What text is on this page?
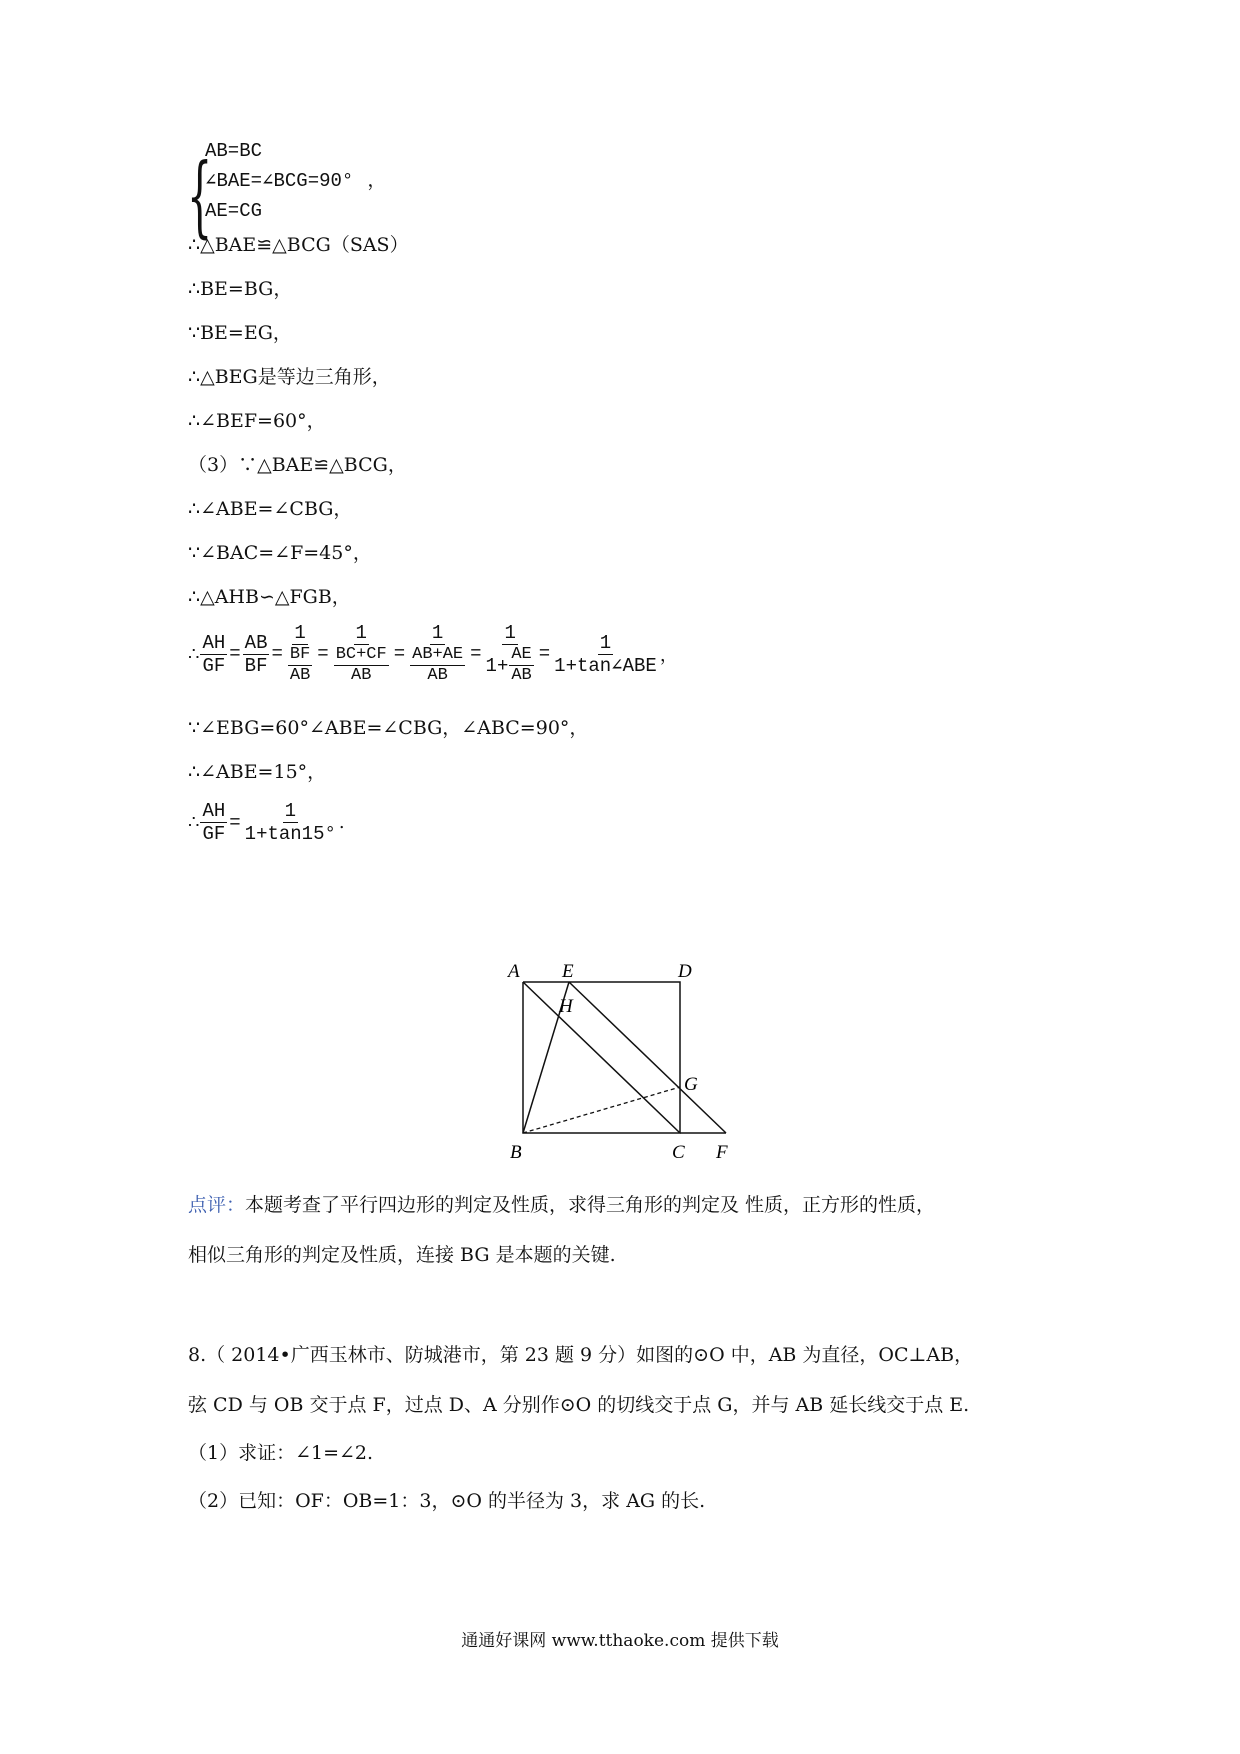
{
AB=BC
∠BAE=∠BCG=90° ，
AE=CG
∴△BAE≌△BCG（SAS）
∴BE=BG，
∵BE=EG，
∴△BEG是等边三角形，
∴∠BEF=60°，
（3）∵△BAE≌△BCG，
∴∠ABE=∠CBG，
∵∠BAC=∠F=45°，
∴△AHB∽△FGB，
∴ $\frac{AH}{GF} = \frac{AB}{BF} = \frac{1}{\frac{BF}{AB}} = \frac{1}{\frac{BC+CF}{AB}} = \frac{1}{\frac{AB+AE}{AB}} = \frac{1}{1+ \frac{AE}{AB}} = \frac{1}{\text{1+tan∠ABE}}$ ，
∵∠EBG=60°∠ABE=∠CBG，∠ABC=90°，
∴∠ABE=15°，
∴ $\frac{AH}{GF} = \frac{1}{1+\tan 15^\circ}$ .
A E	D
H
G
B	C F
点评：本题考查了平行四边形的判定及性质，求得三角形的判定及 性质，正方形的性质，
相似三角形的判定及性质，连接 BG 是本题的关键.
8.（ 2014•广西玉林市、防城港市，第 23 题 9 分）如图的⊙O 中，AB 为直径，OC⊥AB，
弦 CD 与 OB 交于点 F，过点 D、A 分别作⊙O 的切线交于点 G，并与 AB 延长线交于点 E.
（1）求证：∠1=∠2.
（2）已知：OF：OB=1：3，⊙O 的半径为 3，求 AG 的长.
通通好课网 www.tthaoke.com 提供下载
